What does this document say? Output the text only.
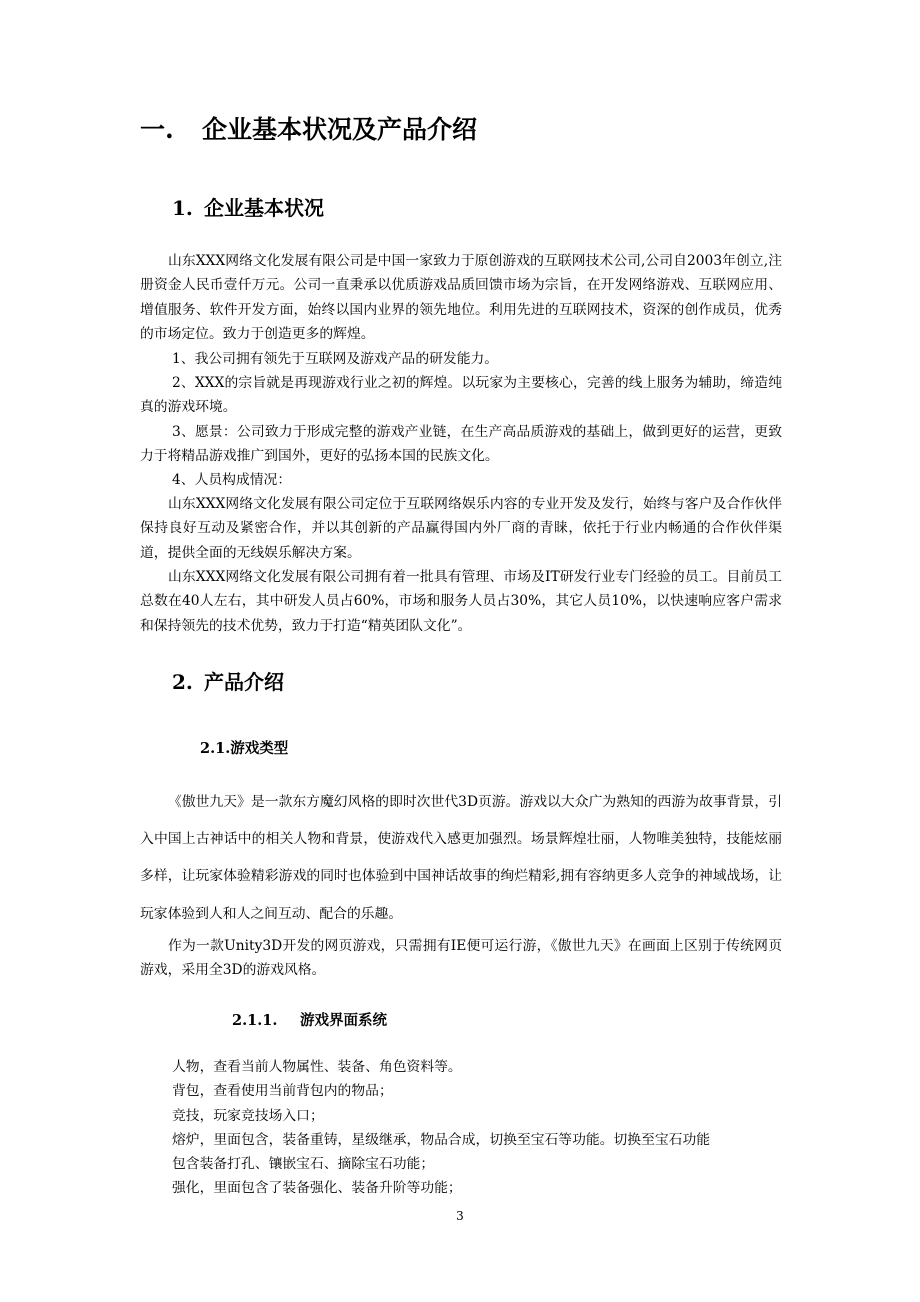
一. 企业基本状况及产品介绍
1. 企业基本状况

山东XXX网络文化发展有限公司是中国一家致力于原创游戏的互联网技术公司,公司自2003年创立,注册资金人民币壹仟万元。公司一直秉承以优质游戏品质回馈市场为宗旨，在开发网络游戏、互联网应用、增值服务、软件开发方面，始终以国内业界的领先地位。利用先进的互联网技术，资深的创作成员，优秀的市场定位。致力于创造更多的辉煌。

1、我公司拥有领先于互联网及游戏产品的研发能力。

2、XXX的宗旨就是再现游戏行业之初的辉煌。以玩家为主要核心，完善的线上服务为辅助，缔造纯真的游戏环境。

3、愿景：公司致力于形成完整的游戏产业链，在生产高品质游戏的基础上，做到更好的运营，更致力于将精品游戏推广到国外，更好的弘扬本国的民族文化。

4、人员构成情况：

山东XXX网络文化发展有限公司定位于互联网络娱乐内容的专业开发及发行，始终与客户及合作伙伴保持良好互动及紧密合作，并以其创新的产品赢得国内外厂商的青睐，依托于行业内畅通的合作伙伴渠道，提供全面的无线娱乐解决方案。

山东XXX网络文化发展有限公司拥有着一批具有管理、市场及IT研发行业专门经验的员工。目前员工总数在40人左右，其中研发人员占60%，市场和服务人员占30%，其它人员10%，以快速响应客户需求和保持领先的技术优势，致力于打造“精英团队文化”。

2. 产品介绍
2.1.游戏类型

《傲世九天》是一款东方魔幻风格的即时次世代3D页游。游戏以大众广为熟知的西游为故事背景，引入中国上古神话中的相关人物和背景，使游戏代入感更加强烈。场景辉煌壮丽，人物唯美独特，技能炫丽多样，让玩家体验精彩游戏的同时也体验到中国神话故事的绚烂精彩,拥有容纳更多人竞争的神域战场，让玩家体验到人和人之间互动、配合的乐趣。

作为一款Unity3D开发的网页游戏，只需拥有IE便可运行游，《傲世九天》在画面上区别于传统网页游戏，采用全3D的游戏风格。

2.1.1. 游戏界面系统
人物，查看当前人物属性、装备、角色资料等。
背包，查看使用当前背包内的物品；
竞技，玩家竞技场入口；
熔炉，里面包含，装备重铸，星级继承，物品合成，切换至宝石等功能。切换至宝石功能
包含装备打孔、镶嵌宝石、摘除宝石功能；
强化，里面包含了装备强化、装备升阶等功能；
3
